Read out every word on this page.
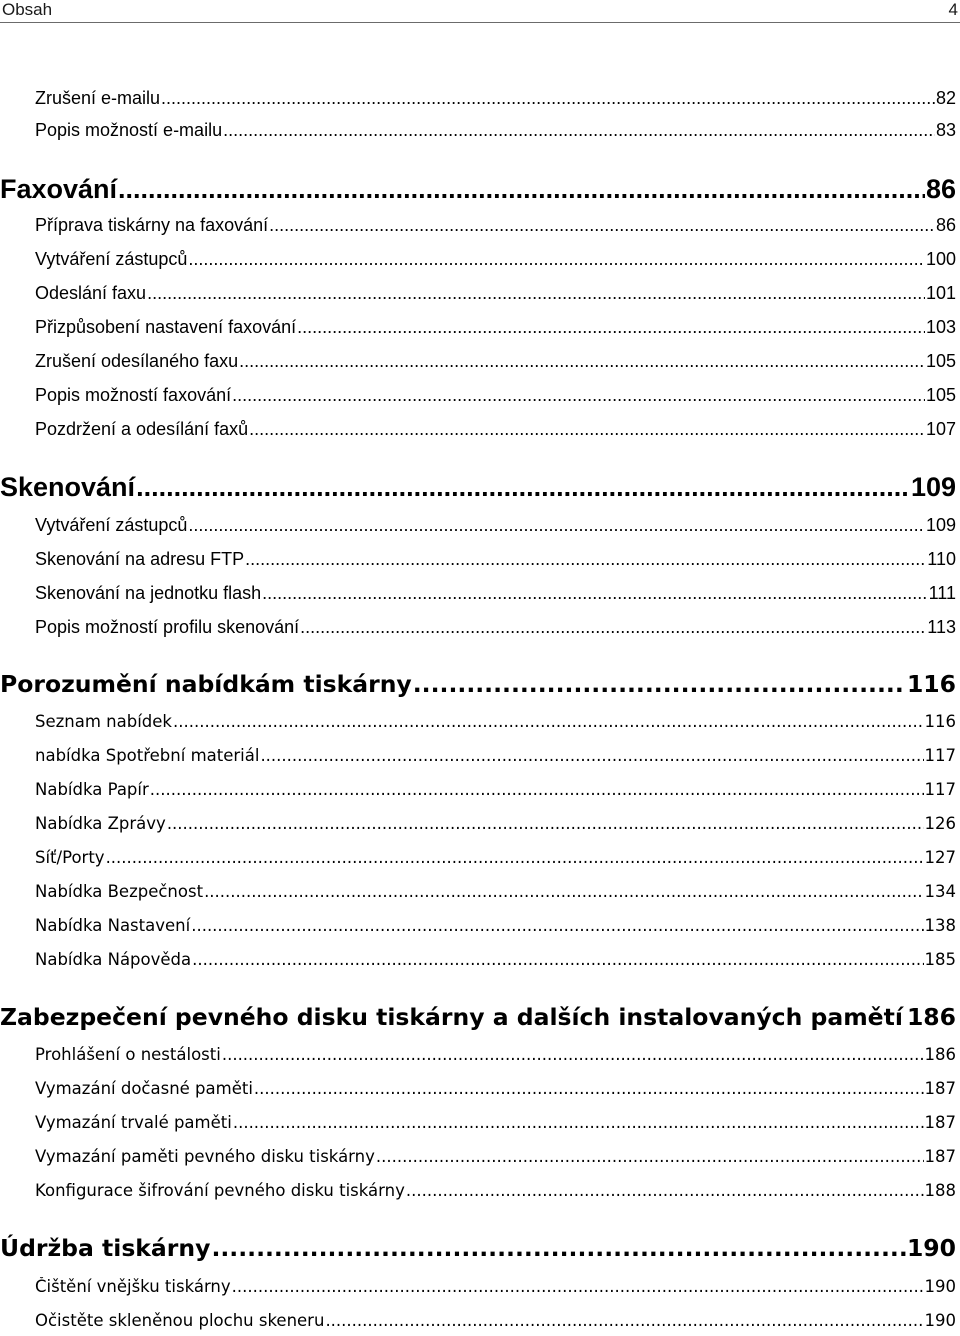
Obsah	4
Zrušení e-mailu .....	82
Popis možností e-mailu .....	83
Faxování .....	86
Příprava tiskárny na faxování .....	86
Vytváření zástupců .....	100
Odeslání faxu .....	101
Přizpůsobení nastavení faxování .....	103
Zrušení odesílaného faxu .....	105
Popis možností faxování .....	105
Pozdržení a odesílání faxů .....	107
Skenování .....	109
Vytváření zástupců .....	109
Skenování na adresu FTP .....	110
Skenování na jednotku flash .....	111
Popis možností profilu skenování .....	113
Porozumění nabídkám tiskárny .....	116
Seznam nabídek .....	116
nabídka Spotřební materiál .....	117
Nabídka Papír .....	117
Nabídka Zprávy .....	126
Síť/Porty .....	127
Nabídka Bezpečnost .....	134
Nabídka Nastavení .....	138
Nabídka Nápověda .....	185
Zabezpečení pevného disku tiskárny a dalších instalovaných pamětí ..... 186
Prohlášení o nestálosti .....	186
Vymazání dočasné paměti .....	187
Vymazání trvalé paměti .....	187
Vymazání paměti pevného disku tiskárny .....	187
Konfigurace šifrování pevného disku tiskárny .....	188
Údržba tiskárny .....	190
Čištění vnějšku tiskárny .....	190
Očistěte skleněnou plochu skeneru .....	190
